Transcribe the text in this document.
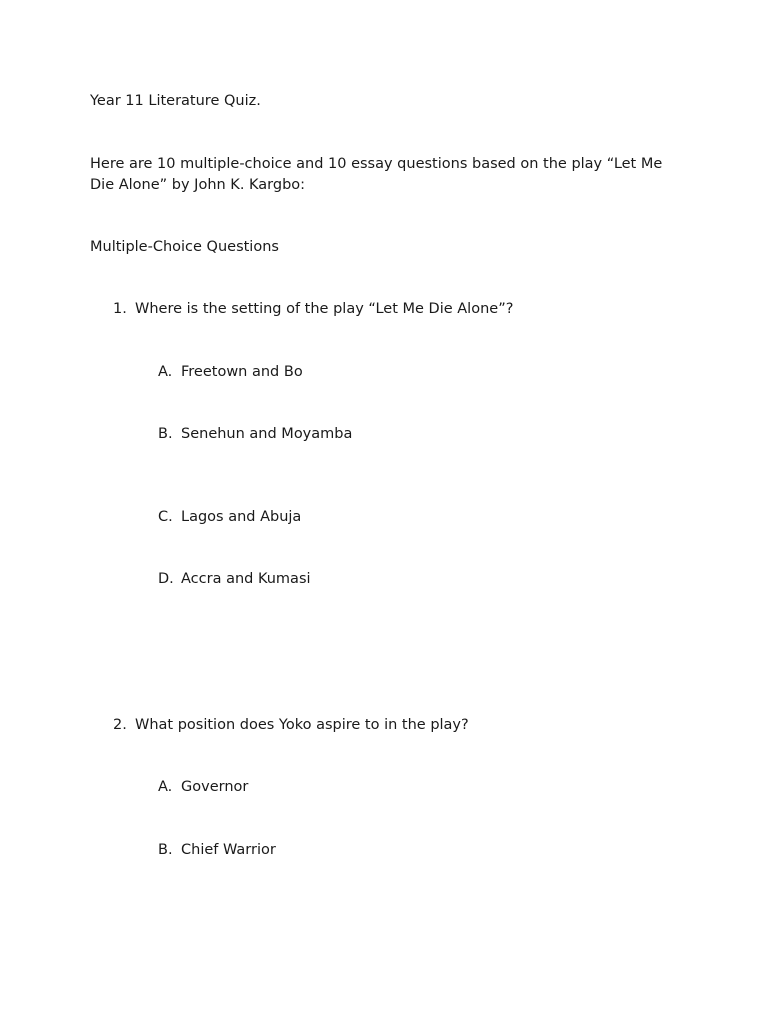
Year 11 Literature Quiz.
Here are 10 multiple-choice and 10 essay questions based on the play “Let Me Die Alone” by John K. Kargbo:
Multiple-Choice Questions
1. Where is the setting of the play “Let Me Die Alone”?
A. Freetown and Bo
B. Senehun and Moyamba
C. Lagos and Abuja
D. Accra and Kumasi
2. What position does Yoko aspire to in the play?
A. Governor
B. Chief Warrior
